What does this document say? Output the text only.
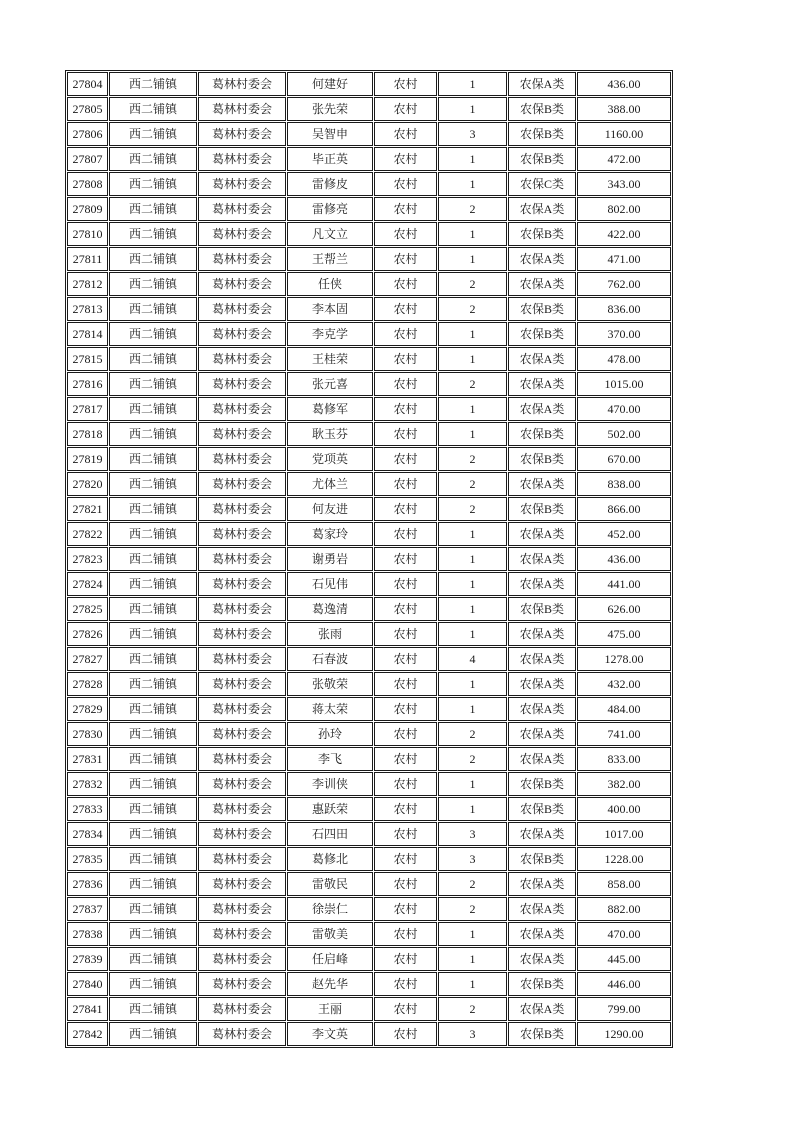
27804	西二铺镇	葛林村委会	何建好	农村	1	农保A类	436.00
27805	西二铺镇	葛林村委会	张先荣	农村	1	农保B类	388.00
27806	西二铺镇	葛林村委会	吴智申	农村	3	农保B类	1160.00
27807	西二铺镇	葛林村委会	毕正英	农村	1	农保B类	472.00
27808	西二铺镇	葛林村委会	雷修皮	农村	1	农保C类	343.00
27809	西二铺镇	葛林村委会	雷修亮	农村	2	农保A类	802.00
27810	西二铺镇	葛林村委会	凡文立	农村	1	农保B类	422.00
27811	西二铺镇	葛林村委会	王帮兰	农村	1	农保A类	471.00
27812	西二铺镇	葛林村委会	任侠	农村	2	农保A类	762.00
27813	西二铺镇	葛林村委会	李本固	农村	2	农保B类	836.00
27814	西二铺镇	葛林村委会	李克学	农村	1	农保B类	370.00
27815	西二铺镇	葛林村委会	王桂荣	农村	1	农保A类	478.00
27816	西二铺镇	葛林村委会	张元喜	农村	2	农保A类	1015.00
27817	西二铺镇	葛林村委会	葛修军	农村	1	农保A类	470.00
27818	西二铺镇	葛林村委会	耿玉芬	农村	1	农保B类	502.00
27819	西二铺镇	葛林村委会	党项英	农村	2	农保B类	670.00
27820	西二铺镇	葛林村委会	尤体兰	农村	2	农保A类	838.00
27821	西二铺镇	葛林村委会	何友进	农村	2	农保B类	866.00
27822	西二铺镇	葛林村委会	葛家玲	农村	1	农保A类	452.00
27823	西二铺镇	葛林村委会	谢勇岩	农村	1	农保A类	436.00
27824	西二铺镇	葛林村委会	石见伟	农村	1	农保A类	441.00
27825	西二铺镇	葛林村委会	葛逸清	农村	1	农保B类	626.00
27826	西二铺镇	葛林村委会	张雨	农村	1	农保A类	475.00
27827	西二铺镇	葛林村委会	石春波	农村	4	农保A类	1278.00
27828	西二铺镇	葛林村委会	张敬荣	农村	1	农保A类	432.00
27829	西二铺镇	葛林村委会	蒋太荣	农村	1	农保A类	484.00
27830	西二铺镇	葛林村委会	孙玲	农村	2	农保A类	741.00
27831	西二铺镇	葛林村委会	李飞	农村	2	农保A类	833.00
27832	西二铺镇	葛林村委会	李训侠	农村	1	农保B类	382.00
27833	西二铺镇	葛林村委会	惠跃荣	农村	1	农保B类	400.00
27834	西二铺镇	葛林村委会	石四田	农村	3	农保A类	1017.00
27835	西二铺镇	葛林村委会	葛修北	农村	3	农保B类	1228.00
27836	西二铺镇	葛林村委会	雷敬民	农村	2	农保A类	858.00
27837	西二铺镇	葛林村委会	徐崇仁	农村	2	农保A类	882.00
27838	西二铺镇	葛林村委会	雷敬美	农村	1	农保A类	470.00
27839	西二铺镇	葛林村委会	任启峰	农村	1	农保A类	445.00
27840	西二铺镇	葛林村委会	赵先华	农村	1	农保B类	446.00
27841	西二铺镇	葛林村委会	王丽	农村	2	农保A类	799.00
27842	西二铺镇	葛林村委会	李文英	农村	3	农保B类	1290.00
